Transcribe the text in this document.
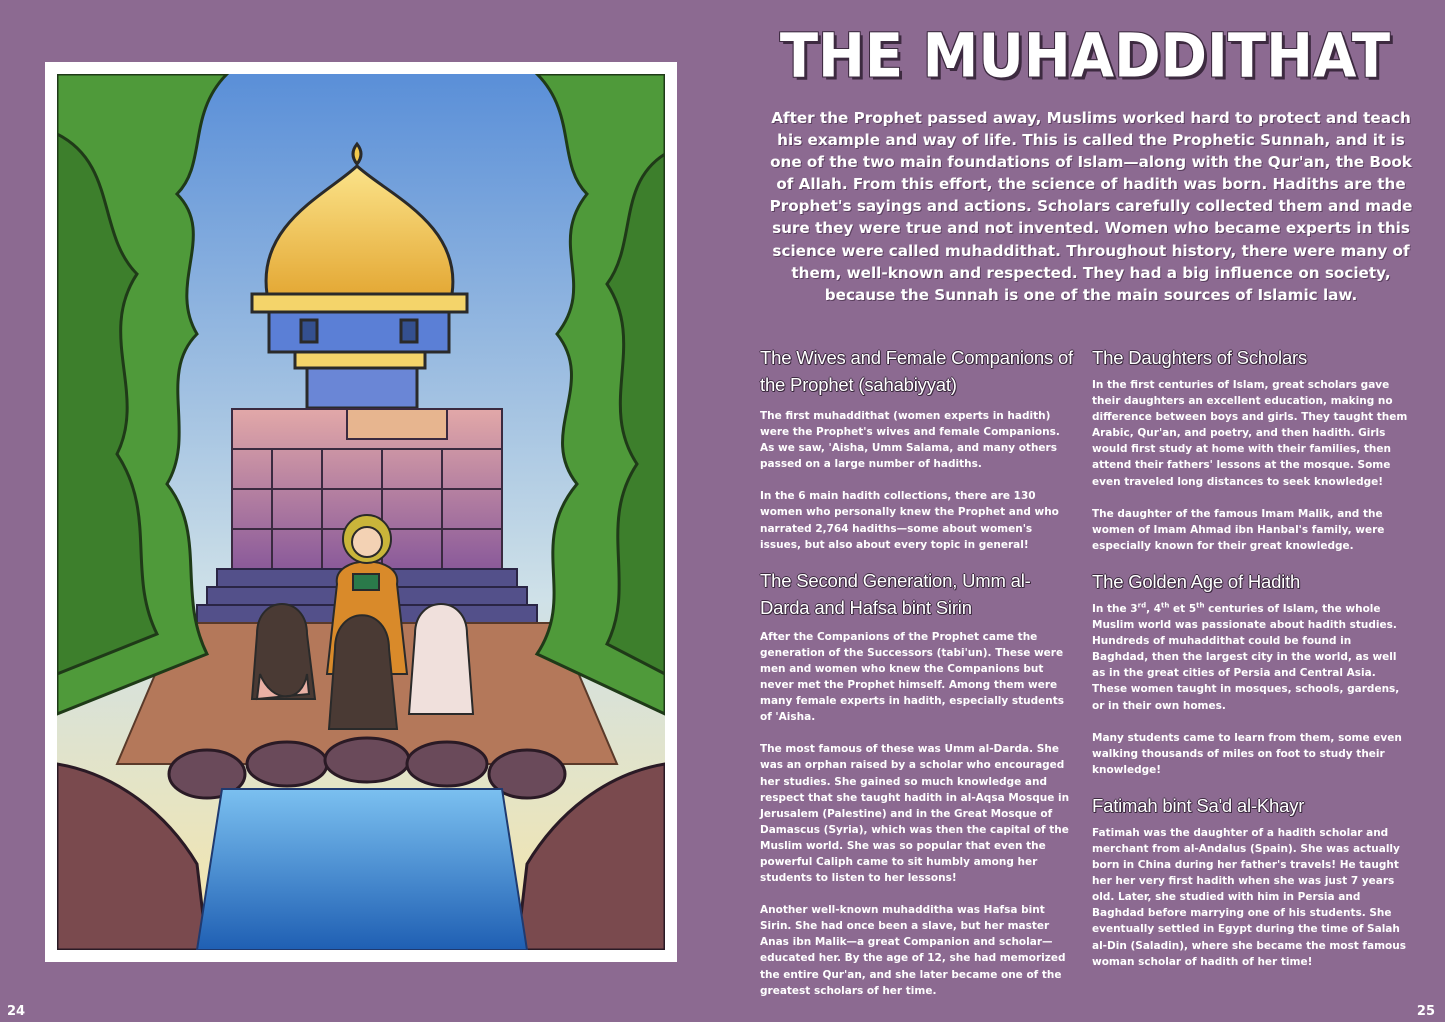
THE MUHADDITHAT

After the Prophet passed away, Muslims worked hard to protect and teach his example and way of life. This is called the Prophetic Sunnah, and it is one of the two main foundations of Islam—along with the Qur'an, the Book of Allah. From this effort, the science of hadith was born. Hadiths are the Prophet's sayings and actions. Scholars carefully collected them and made sure they were true and not invented. Women who became experts in this science were called muhaddithat. Throughout history, there were many of them, well-known and respected. They had a big influence on society, because the Sunnah is one of the main sources of Islamic law.

The Wives and Female Companions of the Prophet (sahabiyyat)

The first muhaddithat (women experts in hadith) were the Prophet's wives and female Companions. As we saw, 'Aisha, Umm Salama, and many others passed on a large number of hadiths.

In the 6 main hadith collections, there are 130 women who personally knew the Prophet and who narrated 2,764 hadiths—some about women's issues, but also about every topic in general!

The Second Generation, Umm al-Darda and Hafsa bint Sirin

After the Companions of the Prophet came the generation of the Successors (tabi'un). These were men and women who knew the Companions but never met the Prophet himself. Among them were many female experts in hadith, especially students of 'Aisha.

The most famous of these was Umm al-Darda. She was an orphan raised by a scholar who encouraged her studies. She gained so much knowledge and respect that she taught hadith in al-Aqsa Mosque in Jerusalem (Palestine) and in the Great Mosque of Damascus (Syria), which was then the capital of the Muslim world. She was so popular that even the powerful Caliph came to sit humbly among her students to listen to her lessons!

Another well-known muhadditha was Hafsa bint Sirin. She had once been a slave, but her master Anas ibn Malik—a great Companion and scholar—educated her. By the age of 12, she had memorized the entire Qur'an, and she later became one of the greatest scholars of her time.

The Daughters of Scholars

In the first centuries of Islam, great scholars gave their daughters an excellent education, making no difference between boys and girls. They taught them Arabic, Qur'an, and poetry, and then hadith. Girls would first study at home with their families, then attend their fathers' lessons at the mosque. Some even traveled long distances to seek knowledge!

The daughter of the famous Imam Malik, and the women of Imam Ahmad ibn Hanbal's family, were especially known for their great knowledge.

The Golden Age of Hadith

In the 3rd, 4th et 5th centuries of Islam, the whole Muslim world was passionate about hadith studies. Hundreds of muhaddithat could be found in Baghdad, then the largest city in the world, as well as in the great cities of Persia and Central Asia. These women taught in mosques, schools, gardens, or in their own homes.

Many students came to learn from them, some even walking thousands of miles on foot to study their knowledge!

Fatimah bint Sa'd al-Khayr

Fatimah was the daughter of a hadith scholar and merchant from al-Andalus (Spain). She was actually born in China during her father's travels! He taught her her very first hadith when she was just 7 years old. Later, she studied with him in Persia and Baghdad before marrying one of his students. She eventually settled in Egypt during the time of Salah al-Din (Saladin), where she became the most famous woman scholar of hadith of her time!

24	25
